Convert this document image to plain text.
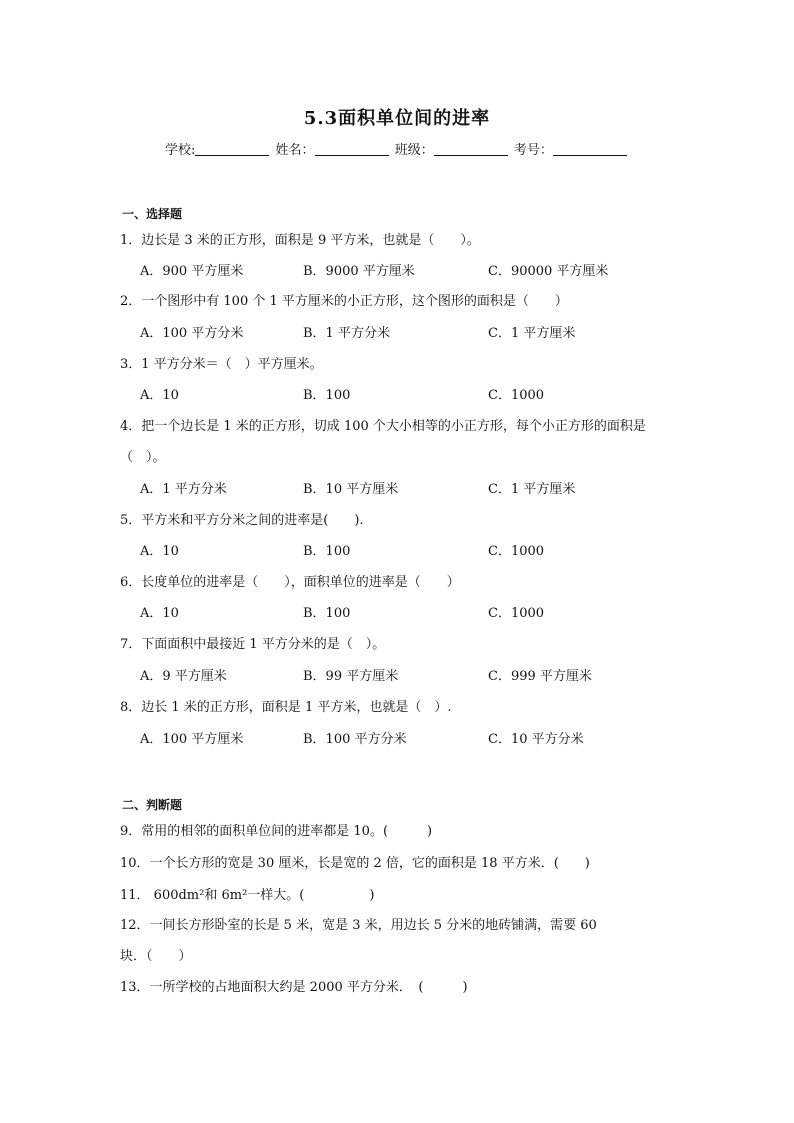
5.3面积单位间的进率
学校:	姓名：	班级：	考号：
一、选择题
1．边长是 3 米的正方形，面积是 9 平方米，也就是（　　）。
A．900 平方厘米	B．9000 平方厘米	C．90000 平方厘米
2．一个图形中有 100 个 1 平方厘米的小正方形，这个图形的面积是（　　）
A．100 平方分米	B．1 平方分米	C．1 平方厘米
3．1 平方分米＝（　）平方厘米。
A．10	B．100	C．1000
4．把一个边长是 1 米的正方形，切成 100 个大小相等的小正方形，每个小正方形的面积是
（　）。
A．1 平方分米	B．10 平方厘米	C．1 平方厘米
5．平方米和平方分米之间的进率是(　　).
A．10	B．100	C．1000
6．长度单位的进率是（　　），面积单位的进率是（　　）
A．10	B．100	C．1000
7．下面面积中最接近 1 平方分米的是（　）。
A．9 平方厘米	B．99 平方厘米	C．999 平方厘米
8．边长 1 米的正方形，面积是 1 平方米，也就是（　）.
A．100 平方厘米	B．100 平方分米	C．10 平方分米
二、判断题
9．常用的相邻的面积单位间的进率都是 10。(　　　)
10．一个长方形的宽是 30 厘米，长是宽的 2 倍，它的面积是 18 平方米．(　　)
11． 600dm²和 6m²一样大。(　　　　　)
12．一间长方形卧室的长是 5 米，宽是 3 米，用边长 5 分米的地砖铺满，需要 60
块．（　　）
13．一所学校的占地面积大约是 2000 平方分米．　(　　　)
